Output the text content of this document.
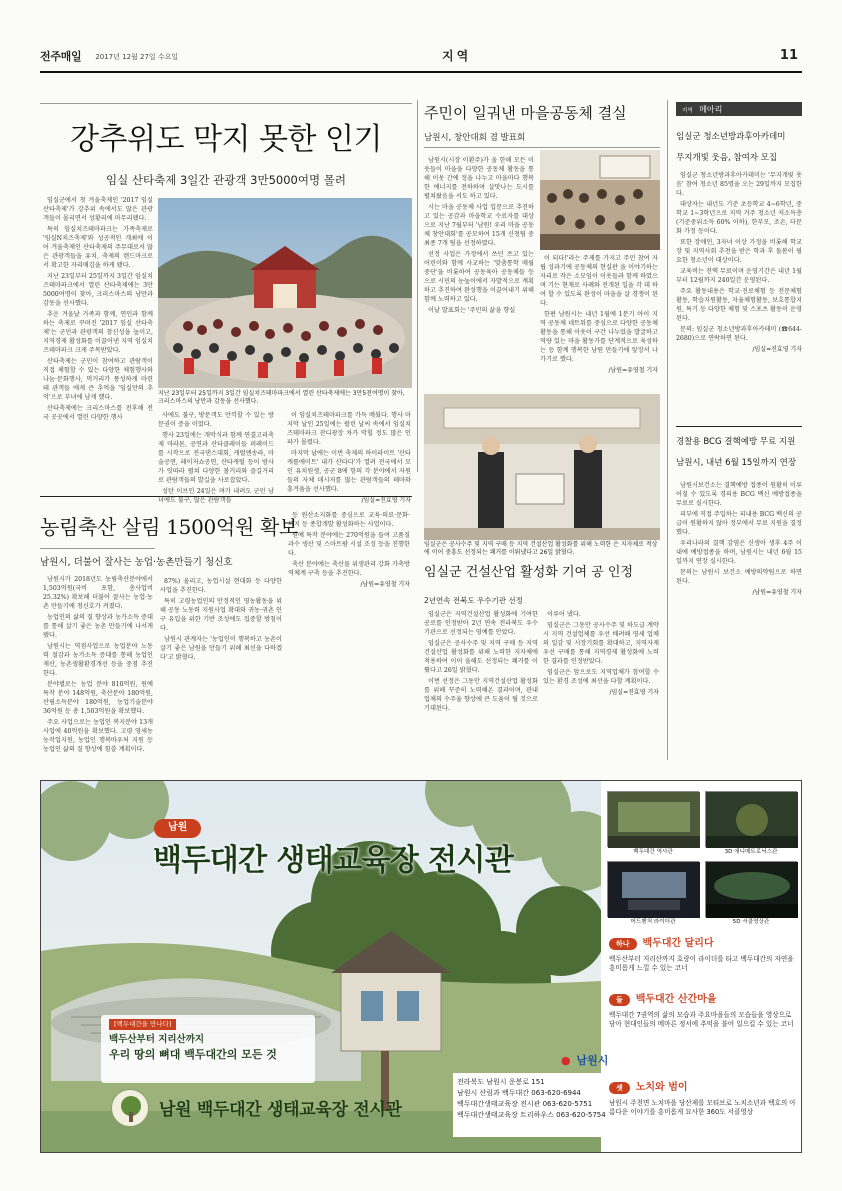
전주매일 2017년 12월 27일 수요일	지역	11
강추위도 막지 못한 인기
임실 산타축제 3일간 관광객 3만5000여명 몰려

임실군에서 첫 겨울축제인 '2017 임실 산타축제'가 강추위 속에서도 많은 관광객들이 몰리면서 성황리에 마무리됐다.

특히 임실치즈테마파크는 가족축제로 '임실N치즈축제'와 성공적인 개최에 이어 겨울축제인 산타축제의 주무대로서 많은 관광객들을 유치, 축제의 랜드마크로서 확고한 자리매김을 하게 됐다.

지난 23일부터 25일까지 3일간 임실치즈테마파크에서 열린 산타축제에는 3만5000여명이 찾아, 크리스마스의 낭만과 감동을 선사했다.

추운 겨울날 가족과 함께, 연인과 함께 하는 축제로 꾸며진 '2017 임실 산타축제'는 군민과 관광객의 참신성을 높이고, 지역경제 활성화를 이끌어낸 지역 임실치즈테마파크 크게 주목받았다.

산타축제는 군민이 참여하고 관람객이 직접 체험할 수 있는 다양한 체험행사와 나눔·문화행사, 먹거리가 풍성하게 마련돼 관객들 에게 큰 추억을 '임실만의 추억'으로 부녀에 남게 했다.

산타축제에는 크리스마스를 전후해 전국 곳곳에서 열린 다양한 행사

지난 23일부터 25일까지 3일간 임실치즈테마파크에서 열린 산타축제에는 3만5천여명이 찾아, 크리스마스의 낭만과 감동을 선사했다.

사에도 불구, 방문객도 만끽할 수 있는 방문권이 증을 이었다.

행사 23일에는 개막식과 함께 연결고리축제 마라톤, 공연과 산타클레이들 퍼레이드를 시작으로 전국댄스대회, 캐럴앤송라, 마술공연, 레이저쇼공연, 산타캐럴 등이 밤사가 잇따라 펼쳐 다양한 볼거리와 즐길거리로 관람객들의 발길을 사로잡았다.

성탄 이브인 24일은 며가 내려도 군민 남녀에도 불구, 많은 관람객들

이 임실치즈테마파크를 가득 메웠다. 행사 마지막 날인 25일에는 팔린 날씨 속에서 임실치즈테마파크 잔디광장 차가 막힐 정도 많은 인파가 몰렸다.

마지막 날에는 이번 축제의 하이라이트 '산타 캐롤에이트' 내가 산타다'가 열려 전국에서 모인 유치원생, 공군 8에 항의 각 분야에서 자원들의 자체 데시저를 많는 관람객들의 테마와 흥겨움을 선사했다.

/임실=진효영 기자
주민이 일궈낸 마을공동체 결실
남원시, 창안대회 겸 발표회

남원시(시장 이환주)가 올 한해 모든 이웃들이 마을을 다양한 공동체 활동을 통해 이웃 간에 정을 나누고 마을마다 행복한 에너지를 전하하며 살맛나는 도시를 펼쳐왔음을 서도 하고 있다.

시는 마을 공동체 사업 입문으로 추진하고 있는 공감과 마을학교 수료자를 대상으로 지난 7월부터 '남원! 우리 마을 공동체 창안대회'를 공모하여 15개 신청팀 중 최종 7개 팀을 선정하였다.

선정 사업은 가정에서 쓰던 쓰고 있는 어린이와 함께 사교하는 '맞춤통학 매월중단'을 비롯하여 공동육아 공동체들 등으로 시민의 눈높이에서 자발적으로 계획하고 추진하여 완성행을 이끌어내기 위해 함께 노력하고 있다.

이날 발표회는 '주민의 삶을 향실

이 되다!'라는 주제를 가지고 주민 참여 자립 성과기에 공동체의 현실판 을 이야기하는 자리로 작은 소모임이 이웃들과 함께 하였으며 기는 현재로 사례와 전개된 일을 각 데 하여 할 수 있도록 완성이 마을을 살 경쟁이 된다.

한편 남원시는 내년 1월에 1분기 아이 지역 공동체 네트워를 중심으로 다양한 공동체 활동을 통해 이웃이 구간 나누었을 발굴하고 역량 있는 마을 활동가를 단계적으로 육성하는 등 함께 행복한 남원 만들기에 앞장서 나가기로 했다.

/남원=유영철 기자
임실군은 공사수주 및 지역 구매 등 지역 건설산업 활성화를 위해 노력한 은 지자체로 적상에 이어 중흥도 선정되는 쾌거를 이뤄냈다고 26일 밝혔다.
임실군 건설산업 활성화 기여 공 인정
2년연속 전북도 우수기관 선정

임실군은 지역건설산업 활성화에 기여한 공로를 인정받아 2년 연속 전라북도 우수기관으로 선정되는 영예를 안았다.

임실군은 공사수주 및 지역 구매 등 지역 건설산업 활성화를 위해 노력한 지자체에 적용하여 이어 올해도 선정되는 쾌거를 이뤘다고 26일 밝혔다.

이번 선정은 그동안 지역건설산업 활성화를 위해 꾸준히 노력해온 결과이며, 관내 업체의 수주율 향상에 큰 도움이 될 것으로 기대된다.

이루어 냈다.

임실군은 그동안 공사수주 및 하도급 계약 시 지역 건설업체를 우선 배려해 영세 업체의 일감 및 시장기회를 확대하고, 지역자재 우선 구매를 통해 지역경제 활성화에 노력한 결과를 인정받았다.

임실군은 앞으로도 지역업체가 참여할 수 있는 환경 조성에 최선을 다할 계획이다.

/임실=진효영 기자
지역 메아리
임실군 청소년방과후아카데미
무지개빛 웃음, 참여자 모집

임실군 청소년방과후아카데미는 '무지개빛 웃음' 참여 청소년 85명을 오는 29일까지 모집한다.

대상자는 내년도 기준 초등학교 4~6학년, 중학교 1~3학년으로 지역 거주 청소년 저소득층(기준중위소득 60% 이하), 한부모, 조손, 다문화 가정 등이다.

또한 장애인, 3자녀 이상 가정을 비롯해 학교장 및 지역사회 추천을 받은 학과 후 돌봄이 필요한 청소년이 대상이다.

교육비는 전액 무료이며 운영기간은 내년 1월부터 12월까지 240일간 운영된다.

주요 활동내용은 학교·진로체험 등 전문체험활동, 학습지원활동, 자율체험활동, 보호통합지원, 특기 등 다양한 체험 및 스포츠 활동이 운영된다.

문의: 임실군 청소년방과후아카데미 (☎644-2680)으로 연락하면 된다.

/임실=진효영 기자
경찰용 BCG 결핵예방 무료 지원
남원시, 내년 6월 15일까지 연장

남원시보건소는 결핵예방 접종이 원활히 이루어질 수 있도록 경피용 BCG 백신 예방접종을 무료로 실시한다.

피부에 직접 주입하는 피내용 BCG 백신의 공급이 원활하지 않아 정부에서 무료 지원을 결정했다.

우리나라의 결핵 감염은 신생아 생후 4주 이내에 예방접종을 하며, 남원시는 내년 6월 15일까지 연장 실시한다.

문의는 남원시 보건소 예방의약팀으로 하면 된다.

/남원=유영철 기자
농림축산 살림 1500억원 확보
남원시, 더불어 잘사는 농업·농촌만들기 청신호

남원시가 2018년도 농림축산분야에서 1,503억원(국비 포함, 총사업비 25.32%) 확보해 더불어 잘사는 농업·농촌 만들기에 청신호가 켜졌다.

농업인의 삶의 질 향상과 농가소득 증대를 통해 살기 좋은 농촌 만들기에 나서게 됐다.

남원시는 역점사업으로 농업분야 노동력 절감과 농가소득 증대를 통해 농업인 재산, 농촌생활환경개선 등을 중점 추진한다.

분야별로는 농업 분야 810억원, 원예 특작 분야 148억원, 축산분야 180억원, 산림소득분야 180억원, 농업기술분야 36억원 등 총 1,503억원을 확보했다.

주요 사업으로는 농업인 복지분야 13개 사업에 40억원을 확보했다. 고령 영세농 농작업지원, 농업인 행복바우처 지원 등 농업인 삶의 질 향상에 힘쓸 계획이다.

87%) 올리고, 농업시설 현대화 등 다양한 사업을 추진한다.

특히 고령농업인의 안정적인 영농활동을 위해 공동 노동력 지원사업 확대와 귀농·귀촌 인구 유입을 위한 기반 조성에도 집중할 방침이다.

남원시 관계자는 '농업인이 행복하고 농촌이 살기 좋은 남원을 만들기 위해 최선을 다하겠다'고 밝혔다.

등 원산소지화를 중심으로 교육·의료·문화·복지 등 종합개발 활성화하는 사업이다.

원예 특작 분야에는 270억원을 들여 고품질 과수 생산 및 스마트팜 시설 조성 등을 진행한다.

축산 분야에는 축산물 위생관리 강화 가축방역체계 구축 등을 추진한다.

/남원=유영철 기자
남원
백두대간 생태교육장 전시관
[백두대간을 만나다]
백두산부터 지리산까지
우리 땅의 뼈대 백두대간의 모든 것
남원 백두대간 생태교육장 전시관
백두대간 역사관	3D 애니메트로닉스관
어드벤처 라이더관	5D 서클영상관
하나 백두대간 달리다
백두산부터 지리산까지 호랑이 라이더를 타고 백두대간의 자연을 흥미롭게 느낄 수 있는 코너
둘 백두대간 산간마을
백두대간 7권역의 삶의 모습과 주요마을들의 모습들을 영상으로 담아 현대인들의 메마른 정서에 추억을 불어 일으킬 수 있는 코너
셋 노치와 범이
남원시 주천면 노치마을 당산제를 모티브로 노치소년과 백호의 아름다운 이야기를 흥미롭게 묘사한 360도 서클영상
● 남원시
전라북도 남원시 운봉로 151
남원시 산림과 백두대간 063-620-6944
백두대간생태교육장 전시관 063-620-5751
백두대간생태교육장 트리하우스 063-620-5754
